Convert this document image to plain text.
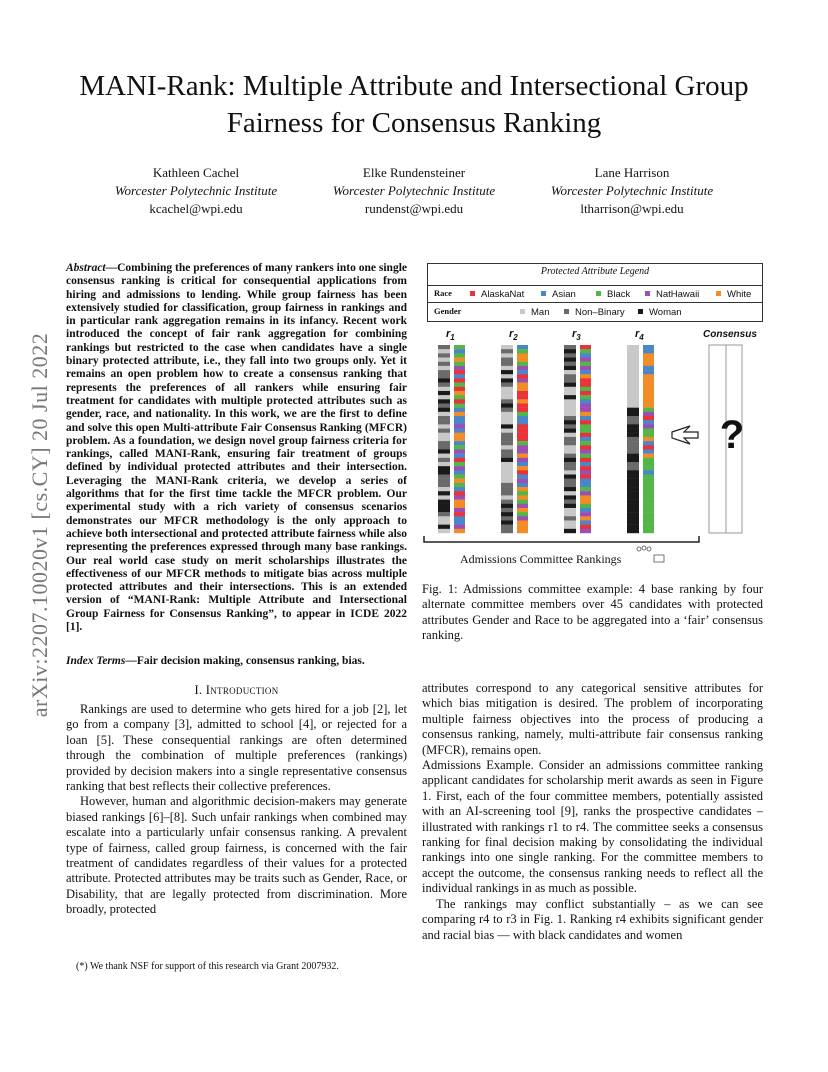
MANI-Rank: Multiple Attribute and Intersectional Group Fairness for Consensus Ranking
Kathleen Cachel
Worcester Polytechnic Institute
kcachel@wpi.edu
Elke Rundensteiner
Worcester Polytechnic Institute
rundenst@wpi.edu
Lane Harrison
Worcester Polytechnic Institute
ltharrison@wpi.edu
arXiv:2207.10020v1 [cs.CY] 20 Jul 2022
Abstract—Combining the preferences of many rankers into one single consensus ranking is critical for consequential applications from hiring and admissions to lending. While group fairness has been extensively studied for classification, group fairness in rankings and in particular rank aggregation remains in its infancy. Recent work introduced the concept of fair rank aggregation for combining rankings but restricted to the case when candidates have a single binary protected attribute, i.e., they fall into two groups only. Yet it remains an open problem how to create a consensus ranking that represents the preferences of all rankers while ensuring fair treatment for candidates with multiple protected attributes such as gender, race, and nationality. In this work, we are the first to define and solve this open Multi-attribute Fair Consensus Ranking (MFCR) problem. As a foundation, we design novel group fairness criteria for rankings, called MANI-Rank, ensuring fair treatment of groups defined by individual protected attributes and their intersection. Leveraging the MANI-Rank criteria, we develop a series of algorithms that for the first time tackle the MFCR problem. Our experimental study with a rich variety of consensus scenarios demonstrates our MFCR methodology is the only approach to achieve both intersectional and protected attribute fairness while also representing the preferences expressed through many base rankings. Our real world case study on merit scholarships illustrates the effectiveness of our MFCR methods to mitigate bias across multiple protected attributes and their intersections. This is an extended version of “MANI-Rank: Multiple Attribute and Intersectional Group Fairness for Consensus Ranking”, to appear in ICDE 2022 [1].
Index Terms—Fair decision making, consensus ranking, bias.
I. Introduction

Rankings are used to determine who gets hired for a job [2], let go from a company [3], admitted to school [4], or rejected for a loan [5]. These consequential rankings are often determined through the combination of multiple preferences (rankings) provided by decision makers into a single representative consensus ranking that best reflects their collective preferences.

However, human and algorithmic decision-makers may generate biased rankings [6]–[8]. Such unfair rankings when combined may escalate into a particularly unfair consensus ranking. A prevalent type of fairness, called group fairness, is concerned with the fair treatment of candidates regardless of their values for a protected attribute. Protected attributes may be traits such as Gender, Race, or Disability, that are legally protected from discrimination. More broadly, protected

(*) We thank NSF for support of this research via Grant 2007932.
Protected Attribute Legend
Race
Gender
AlaskaNat	Asian	Black	NatHawaii	White
Man	Non–Binary	Woman
$r_1$	$r_2$	$r_3$	$r_4$	Consensus
?
Admissions Committee Rankings
Fig. 1: Admissions committee example: 4 base ranking by four alternate committee members over 45 candidates with protected attributes Gender and Race to be aggregated into a ‘fair’ consensus ranking.

attributes correspond to any categorical sensitive attributes for which bias mitigation is desired. The problem of incorporating multiple fairness objectives into the process of producing a consensus ranking, namely, multi-attribute fair consensus ranking (MFCR), remains open.

Admissions Example. Consider an admissions committee ranking applicant candidates for scholarship merit awards as seen in Figure 1. First, each of the four committee members, potentially assisted with an AI-screening tool [9], ranks the prospective candidates – illustrated with rankings r1 to r4. The committee seeks a consensus ranking for final decision making by consolidating the individual rankings into one single ranking. For the committee members to accept the outcome, the consensus ranking needs to reflect all the individual rankings in as much as possible.

The rankings may conflict substantially – as we can see comparing r4 to r3 in Fig. 1. Ranking r4 exhibits significant gender and racial bias — with black candidates and women
